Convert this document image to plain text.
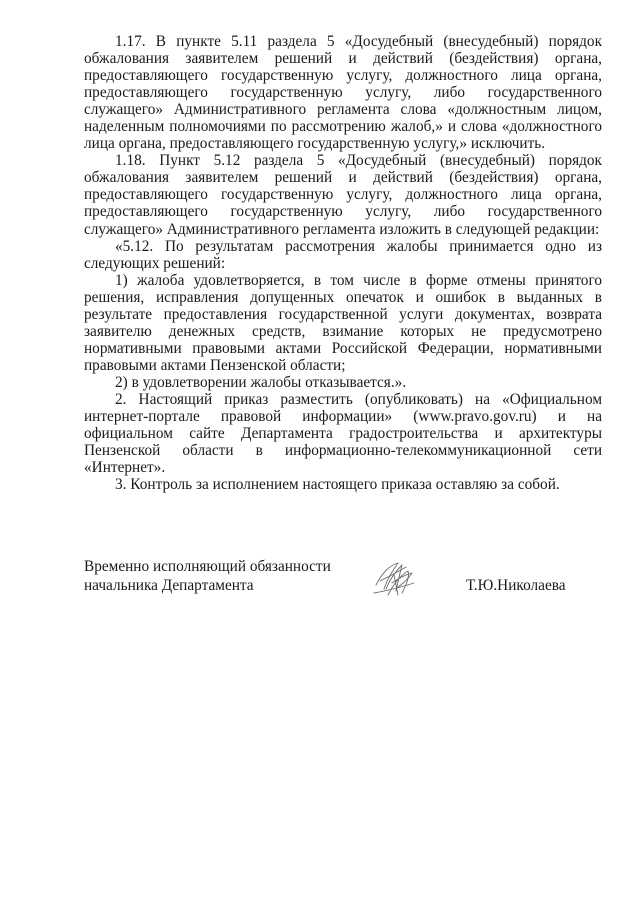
1.17. В пункте 5.11 раздела 5 «Досудебный (внесудебный) порядок обжалования заявителем решений и действий (бездействия) органа, предоставляющего государственную услугу, должностного лица органа, предоставляющего государственную услугу, либо государственного служащего» Административного регламента слова «должностным лицом, наделенным полномочиями по рассмотрению жалоб,» и слова «должностного лица органа, предоставляющего государственную услугу,» исключить.

1.18. Пункт 5.12 раздела 5 «Досудебный (внесудебный) порядок обжалования заявителем решений и действий (бездействия) органа, предоставляющего государственную услугу, должностного лица органа, предоставляющего государственную услугу, либо государственного служащего» Административного регламента изложить в следующей редакции:

«5.12. По результатам рассмотрения жалобы принимается одно из следующих решений:

1) жалоба удовлетворяется, в том числе в форме отмены принятого решения, исправления допущенных опечаток и ошибок в выданных в результате предоставления государственной услуги документах, возврата заявителю денежных средств, взимание которых не предусмотрено нормативными правовыми актами Российской Федерации, нормативными правовыми актами Пензенской области;

2) в удовлетворении жалобы отказывается.».

2. Настоящий приказ разместить (опубликовать) на «Официальном интернет-портале правовой информации» (www.pravo.gov.ru) и на официальном сайте Департамента градостроительства и архитектуры Пензенской области в информационно-телекоммуникационной сети «Интернет».

3. Контроль за исполнением настоящего приказа оставляю за собой.

Временно исполняющий обязанности
начальника Департамента	Т.Ю.Николаева
